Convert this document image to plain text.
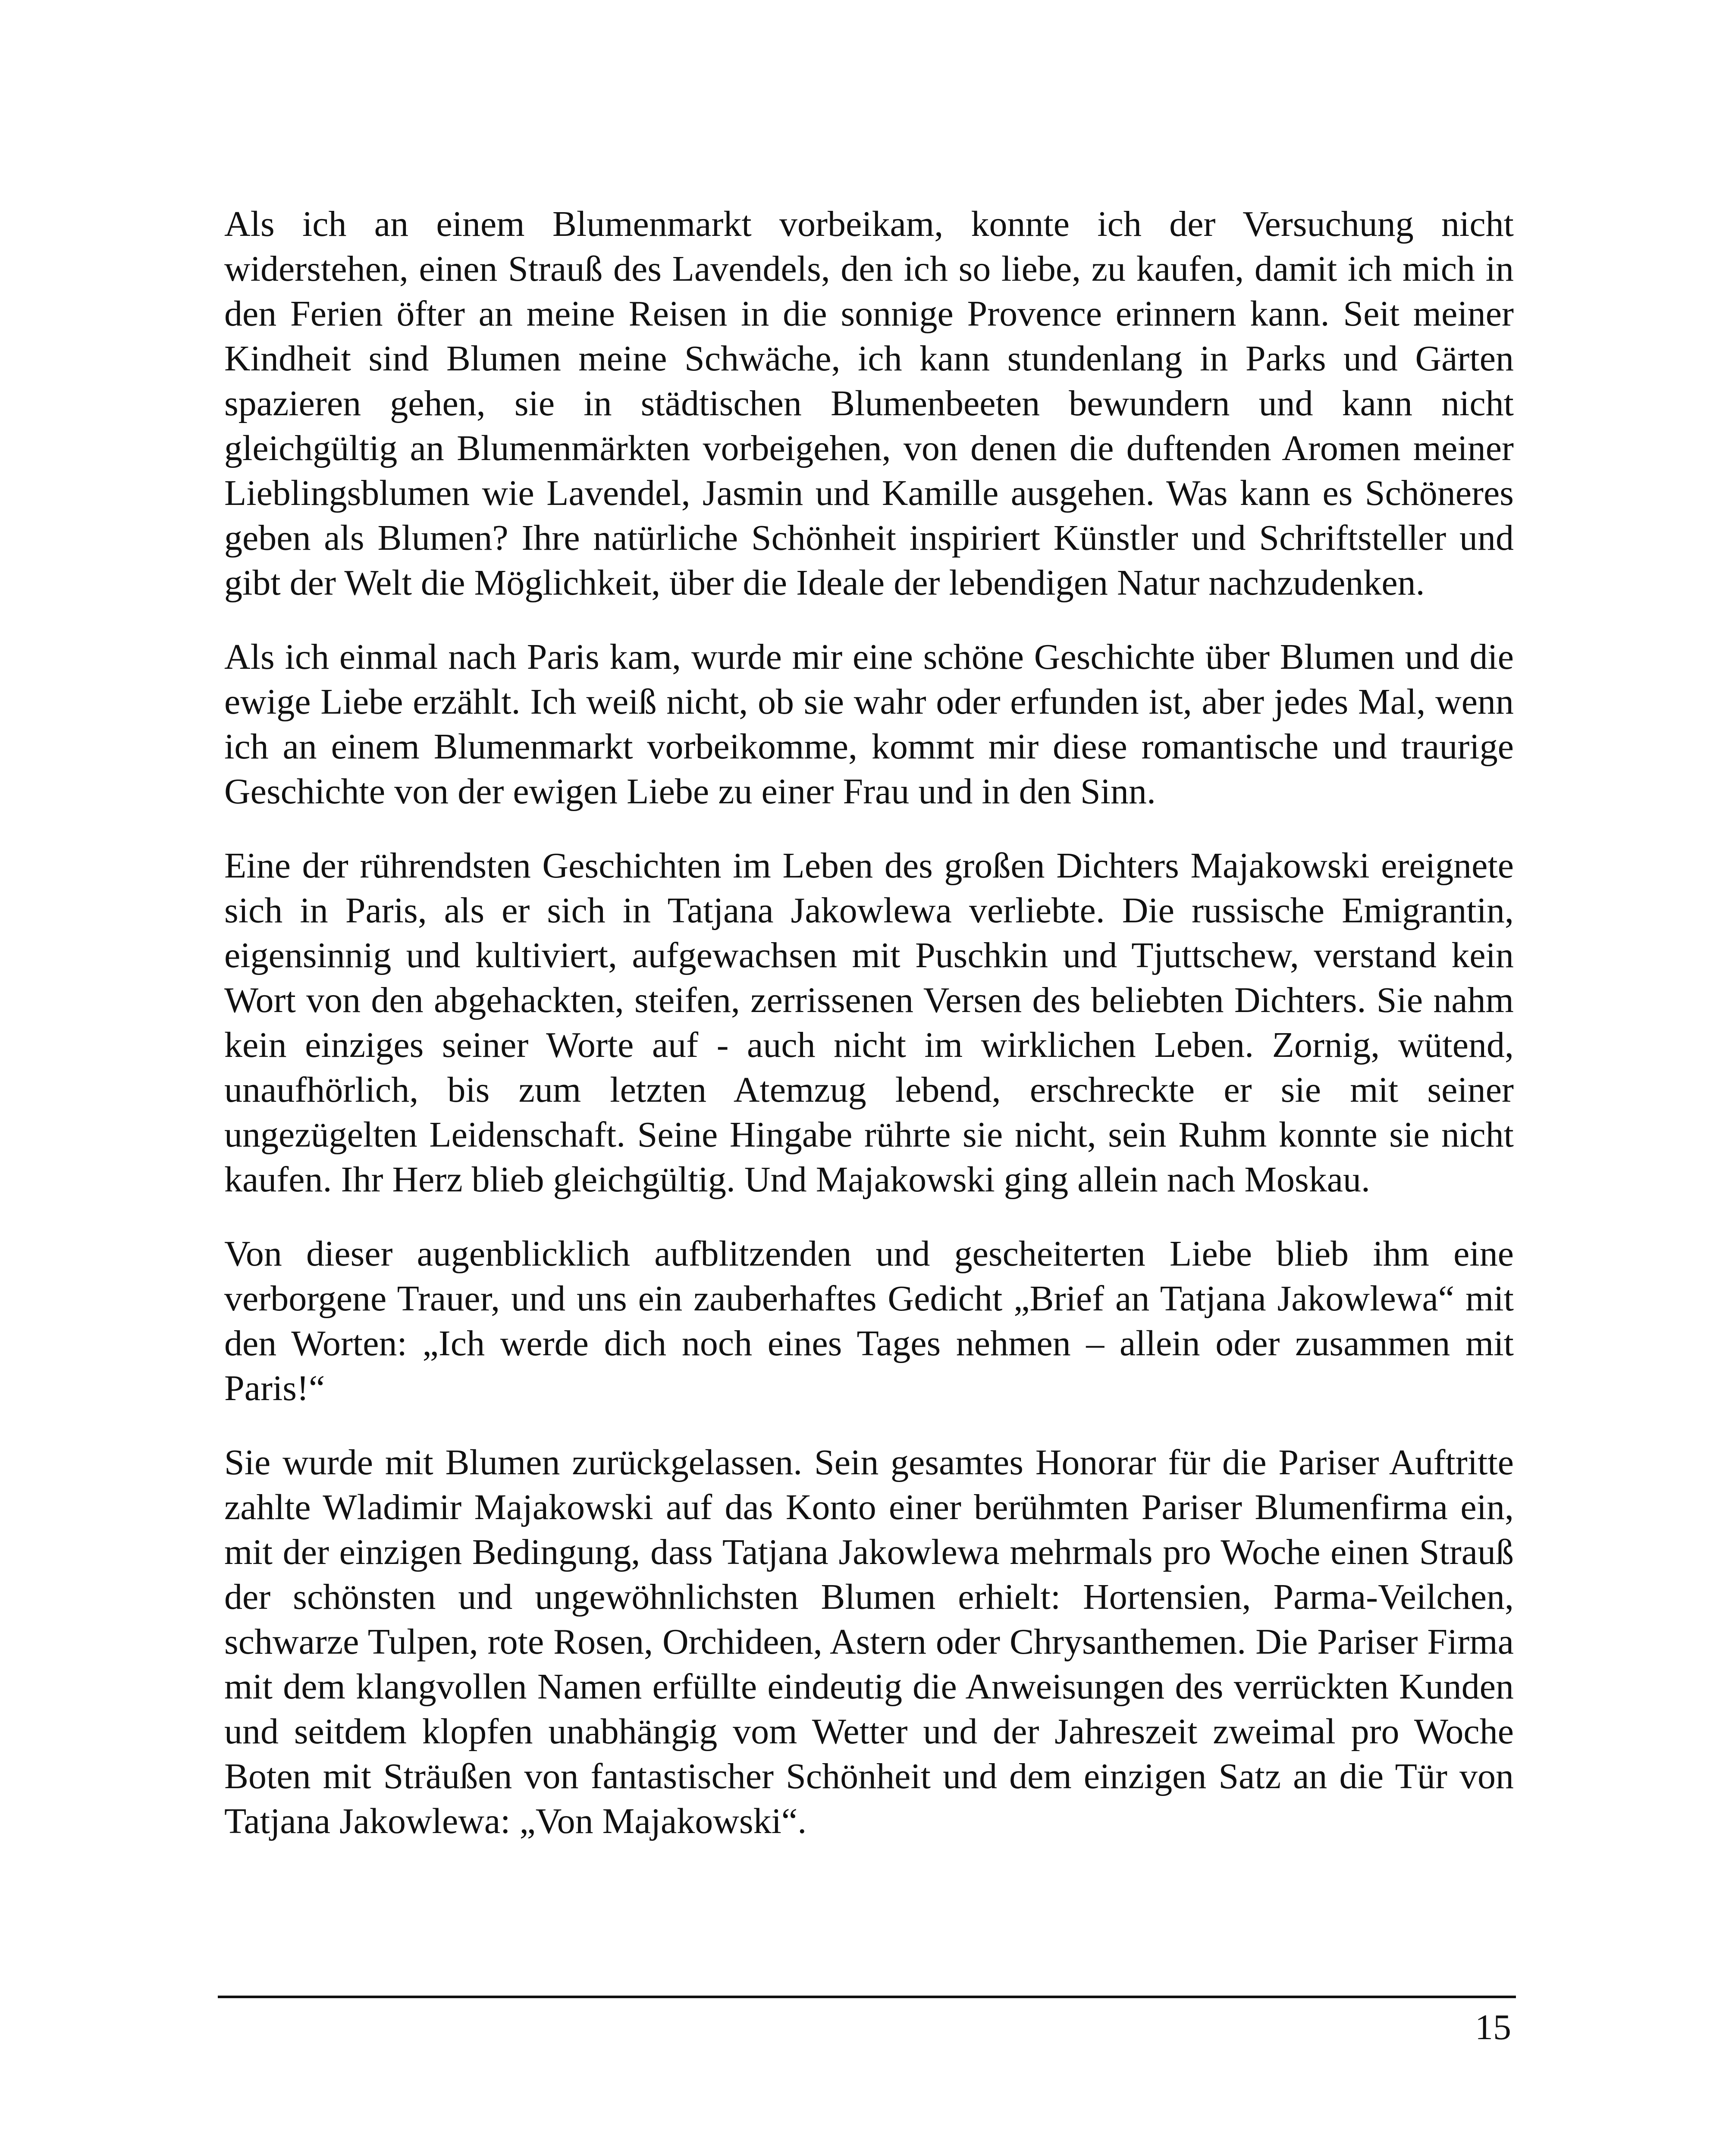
Als ich an einem Blumenmarkt vorbeikam, konnte ich der Versuchung nicht widerstehen, einen Strauß des Lavendels, den ich so liebe, zu kaufen, damit ich mich in den Ferien öfter an meine Reisen in die sonnige Provence erinnern kann. Seit meiner Kindheit sind Blumen meine Schwäche, ich kann stundenlang in Parks und Gärten spazieren gehen, sie in städtischen Blumenbeeten bewundern und kann nicht gleichgültig an Blumenmärkten vorbeigehen, von denen die duftenden Aromen meiner Lieblingsblumen wie Lavendel, Jasmin und Kamille ausgehen. Was kann es Schöneres geben als Blumen? Ihre natürliche Schönheit inspiriert Künstler und Schriftsteller und gibt der Welt die Möglichkeit, über die Ideale der lebendigen Natur nachzudenken.

Als ich einmal nach Paris kam, wurde mir eine schöne Geschichte über Blumen und die ewige Liebe erzählt. Ich weiß nicht, ob sie wahr oder erfunden ist, aber jedes Mal, wenn ich an einem Blumenmarkt vorbeikomme, kommt mir diese romantische und traurige Geschichte von der ewigen Liebe zu einer Frau und in den Sinn.

Eine der rührendsten Geschichten im Leben des großen Dichters Majakowski ereignete sich in Paris, als er sich in Tatjana Jakowlewa verliebte. Die russische Emigrantin, eigensinnig und kultiviert, aufgewachsen mit Puschkin und Tjuttschew, verstand kein Wort von den abgehackten, steifen, zerrissenen Versen des beliebten Dichters. Sie nahm kein einziges seiner Worte auf - auch nicht im wirklichen Leben. Zornig, wütend, unaufhörlich, bis zum letzten Atemzug lebend, erschreckte er sie mit seiner ungezügelten Leidenschaft. Seine Hingabe rührte sie nicht, sein Ruhm konnte sie nicht kaufen. Ihr Herz blieb gleichgültig. Und Majakowski ging allein nach Moskau.

Von dieser augenblicklich aufblitzenden und gescheiterten Liebe blieb ihm eine verborgene Trauer, und uns ein zauberhaftes Gedicht „Brief an Tatjana Jakowlewa“ mit den Worten: „Ich werde dich noch eines Tages nehmen – allein oder zusammen mit Paris!“

Sie wurde mit Blumen zurückgelassen. Sein gesamtes Honorar für die Pariser Auftritte zahlte Wladimir Majakowski auf das Konto einer berühmten Pariser Blumenfirma ein, mit der einzigen Bedingung, dass Tatjana Jakowlewa mehrmals pro Woche einen Strauß der schönsten und ungewöhnlichsten Blumen erhielt: Hortensien, Parma-Veilchen, schwarze Tulpen, rote Rosen, Orchideen, Astern oder Chrysanthemen. Die Pariser Firma mit dem klangvollen Namen erfüllte eindeutig die Anweisungen des verrückten Kunden und seitdem klopfen unabhängig vom Wetter und der Jahreszeit zweimal pro Woche Boten mit Sträußen von fantastischer Schönheit und dem einzigen Satz an die Tür von Tatjana Jakowlewa: „Von Majakowski“.

15
